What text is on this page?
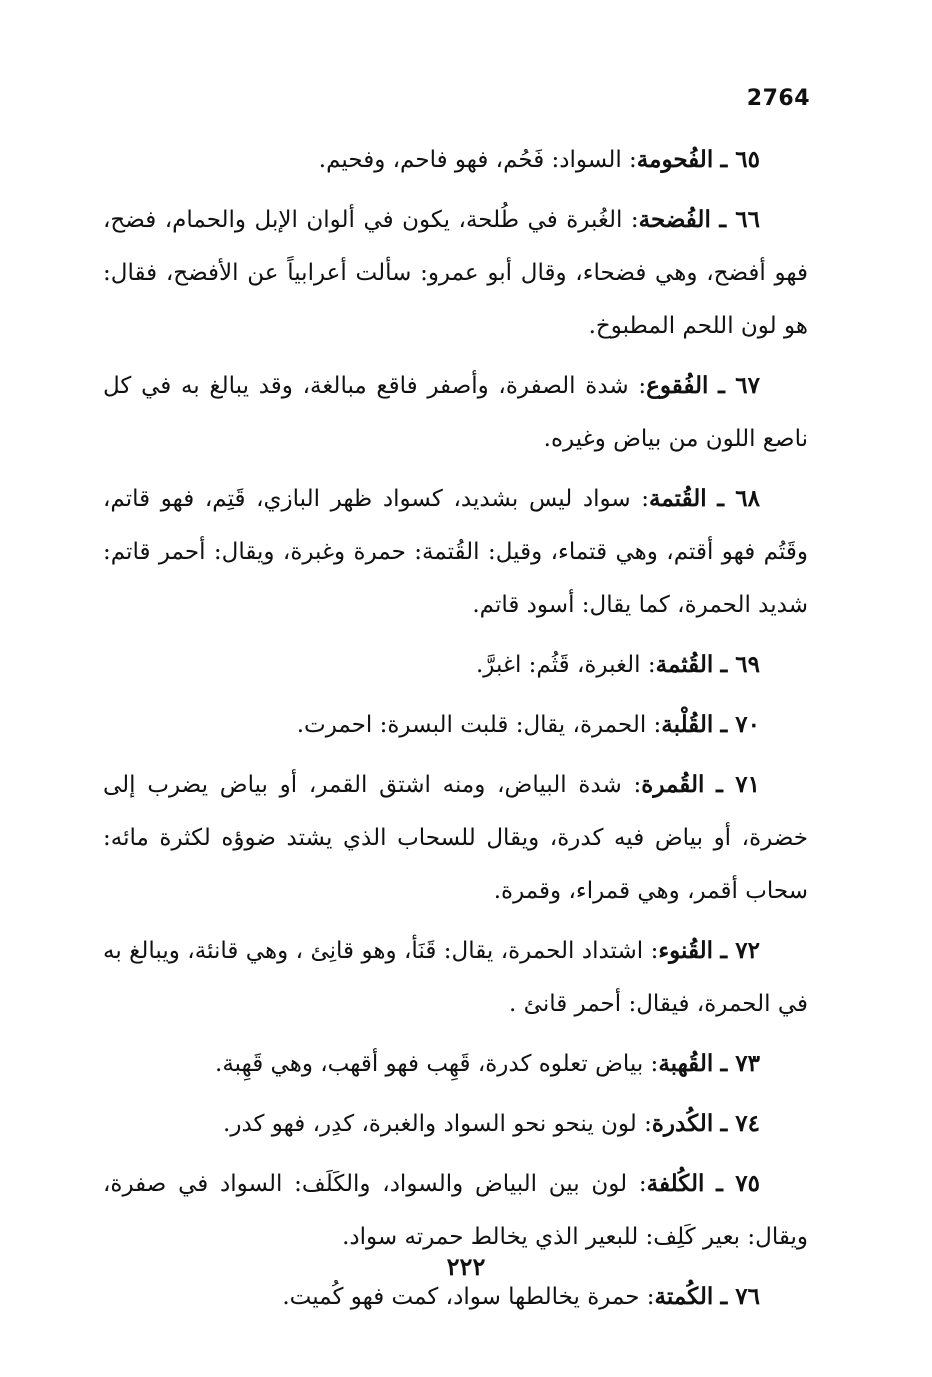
2764

٦٥ ـ الفُحومة: السواد: فَحُم، فهو فاحم، وفحيم.

٦٦ ـ الفُضحة: الغُبرة في طُلحة، يكون في ألوان الإبل والحمام، فضح، فهو أفضح، وهي فضحاء، وقال أبو عمرو: سألت أعرابياً عن الأفضح، فقال: هو لون اللحم المطبوخ.

٦٧ ـ الفُقوع: شدة الصفرة، وأصفر فاقع مبالغة، وقد يبالغ به في كل ناصع اللون من بياض وغيره.

٦٨ ـ القُتمة: سواد ليس بشديد، كسواد ظهر البازي، قَتِم، فهو قاتم، وقَتُم فهو أقتم، وهي قتماء، وقيل: القُتمة: حمرة وغبرة، ويقال: أحمر قاتم: شديد الحمرة، كما يقال: أسود قاتم.

٦٩ ـ القُثمة: الغبرة، قَثُم: اغبرَّ.

٧٠ ـ القُلْبة: الحمرة، يقال: قلبت البسرة: احمرت.

٧١ ـ القُمرة: شدة البياض، ومنه اشتق القمر، أو بياض يضرب إلى خضرة، أو بياض فيه كدرة، ويقال للسحاب الذي يشتد ضوؤه لكثرة مائه: سحاب أقمر، وهي قمراء، وقمرة.

٧٢ ـ القُنوء: اشتداد الحمرة، يقال: قَنَأ، وهو قانِئ ، وهي قانئة، ويبالغ به في الحمرة، فيقال: أحمر قانئ .

٧٣ ـ القُهبة: بياض تعلوه كدرة، قَهِب فهو أقهب، وهي قَهِبة.

٧٤ ـ الكُدرة: لون ينحو نحو السواد والغبرة، كدِر، فهو كدر.

٧٥ ـ الكُلفة: لون بين البياض والسواد، والكَلَف: السواد في صفرة، ويقال: بعير كَلِف: للبعير الذي يخالط حمرته سواد.

٧٦ ـ الكُمتة: حمرة يخالطها سواد، كمت فهو كُميت.

٢٢٢
